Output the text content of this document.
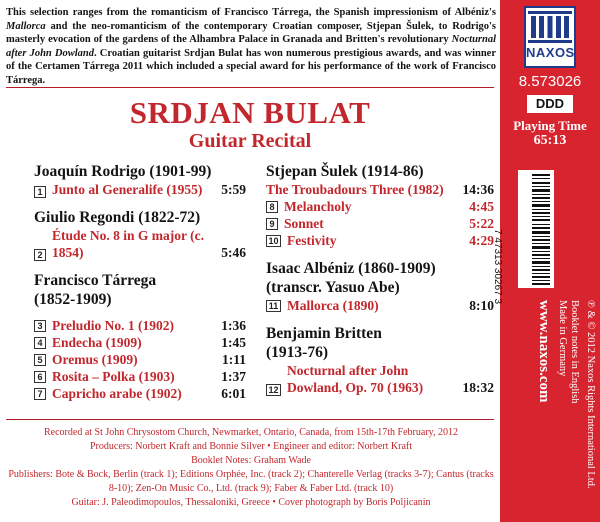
This selection ranges from the romanticism of Francisco Tárrega, the Spanish impressionism of Albéniz's Mallorca and the neo-romanticism of the contemporary Croatian composer, Stjepan Šulek, to Rodrigo's masterly evocation of the gardens of the Alhambra Palace in Granada and Britten's revolutionary Nocturnal after John Dowland. Croatian guitarist Srdjan Bulat has won numerous prestigious awards, and was winner of the Certamen Tárrega 2011 which included a special award for his performance of the work of Francisco Tárrega.
SRDJAN BULAT
Guitar Recital
Joaquín Rodrigo (1901-99)
1 Junto al Generalife (1955)	5:59
Giulio Regondi (1822-72)
2
Étude No. 8 in G major (c. 1854)	5:46
Francisco Tárrega
(1852-1909)
3 Preludio No. 1 (1902)	1:36
4 Endecha (1909)	1:45
5 Oremus (1909)	1:11
6 Rosita – Polka (1903)	1:37
7 Capricho arabe (1902)	6:01
Stjepan Šulek (1914-86)
The Troubadours Three (1982)	14:36
8 Melancholy	4:45
9 Sonnet	5:22
10 Festivity	4:29
Isaac Albéniz (1860-1909)
(transcr. Yasuo Abe)
11 Mallorca (1890)	8:10
Benjamin Britten
(1913-76)
12
Nocturnal after John Dowland, Op. 70 (1963)	18:32
Recorded at St John Chrysostom Church, Newmarket, Ontario, Canada, from 15th-17th February, 2012
Producers: Norbert Kraft and Bonnie Silver • Engineer and editor: Norbert Kraft
Booklet Notes: Graham Wade
Publishers: Bote & Bock, Berlin (track 1); Editions Orphée, Inc. (track 2); Chanterelle Verlag (tracks 3-7); Cantus (tracks 8-10); Zen-On Music Co., Ltd. (track 9); Faber & Faber Ltd. (track 10)
Guitar: J. Paleodimopoulos, Thessaloniki, Greece • Cover photograph by Boris Poljicanin
NAXOS
8.573026
DDD
Playing Time
65:13
7 47313 30267 3
www.naxos.com Made in Germany Booklet notes in English ℗ & © 2012 Naxos Rights International Ltd.
